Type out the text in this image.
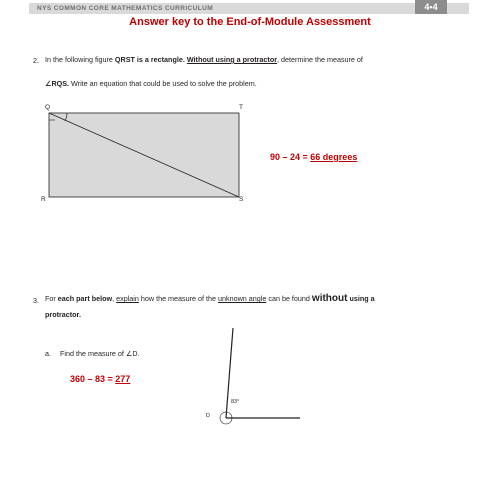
NYS COMMON CORE MATHEMATICS CURRICULUM	4•4
Answer key to the End-of-Module Assessment
2. In the following figure QRST is a rectangle. Without using a protractor, determine the measure of
∠RQS. Write an equation that could be used to solve the problem.
Q	T
R	S
90 – 24 = 66 degrees
3. For each part below, explain how the measure of the unknown angle can be found without using a
protractor.
a. Find the measure of ∠D.
360 – 83 = 277
83°
D
